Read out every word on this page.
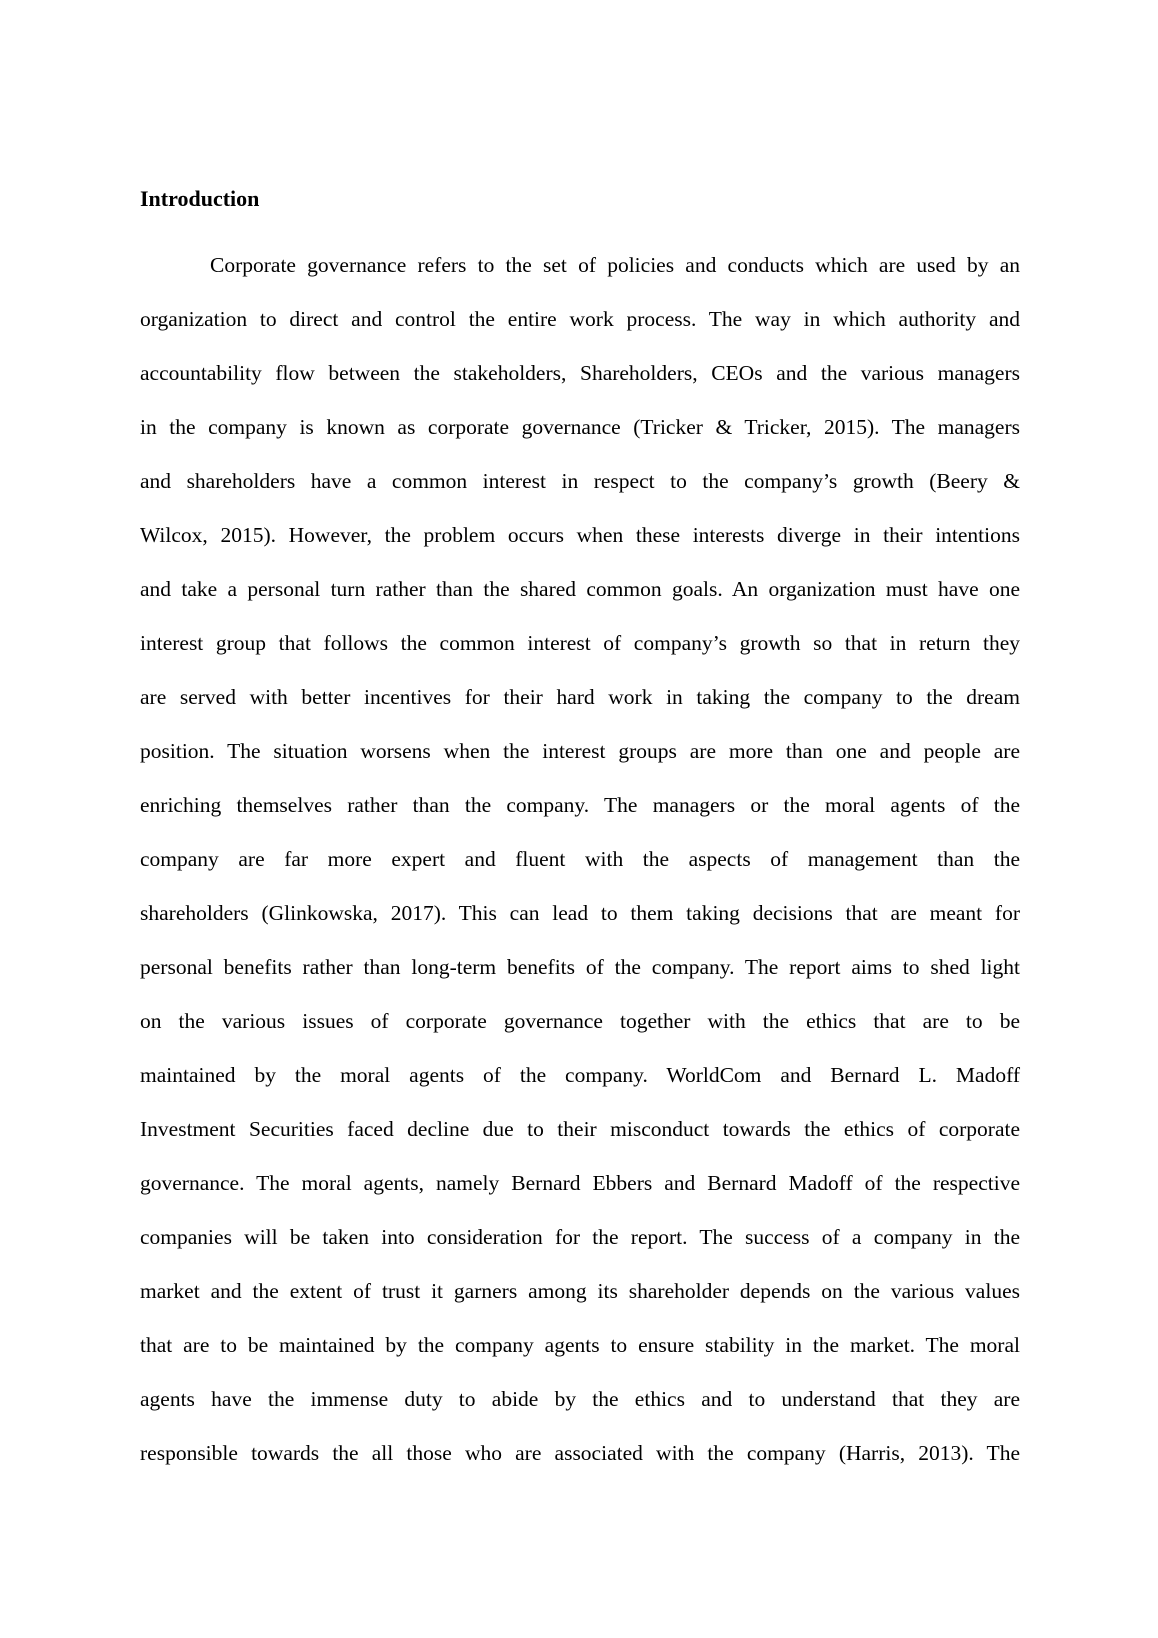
Introduction
Corporate governance refers to the set of policies and conducts which are used by an
organization to direct and control the entire work process. The way in which authority and
accountability flow between the stakeholders, Shareholders, CEOs and the various managers
in the company is known as corporate governance (Tricker & Tricker, 2015). The managers
and shareholders have a common interest in respect to the company’s growth (Beery &
Wilcox, 2015). However, the problem occurs when these interests diverge in their intentions
and take a personal turn rather than the shared common goals. An organization must have one
interest group that follows the common interest of company’s growth so that in return they
are served with better incentives for their hard work in taking the company to the dream
position. The situation worsens when the interest groups are more than one and people are
enriching themselves rather than the company. The managers or the moral agents of the
company are far more expert and fluent with the aspects of management than the
shareholders (Glinkowska, 2017). This can lead to them taking decisions that are meant for
personal benefits rather than long-term benefits of the company. The report aims to shed light
on the various issues of corporate governance together with the ethics that are to be
maintained by the moral agents of the company. WorldCom and Bernard L. Madoff
Investment Securities faced decline due to their misconduct towards the ethics of corporate
governance. The moral agents, namely Bernard Ebbers and Bernard Madoff of the respective
companies will be taken into consideration for the report. The success of a company in the
market and the extent of trust it garners among its shareholder depends on the various values
that are to be maintained by the company agents to ensure stability in the market. The moral
agents have the immense duty to abide by the ethics and to understand that they are
responsible towards the all those who are associated with the company (Harris, 2013). The
